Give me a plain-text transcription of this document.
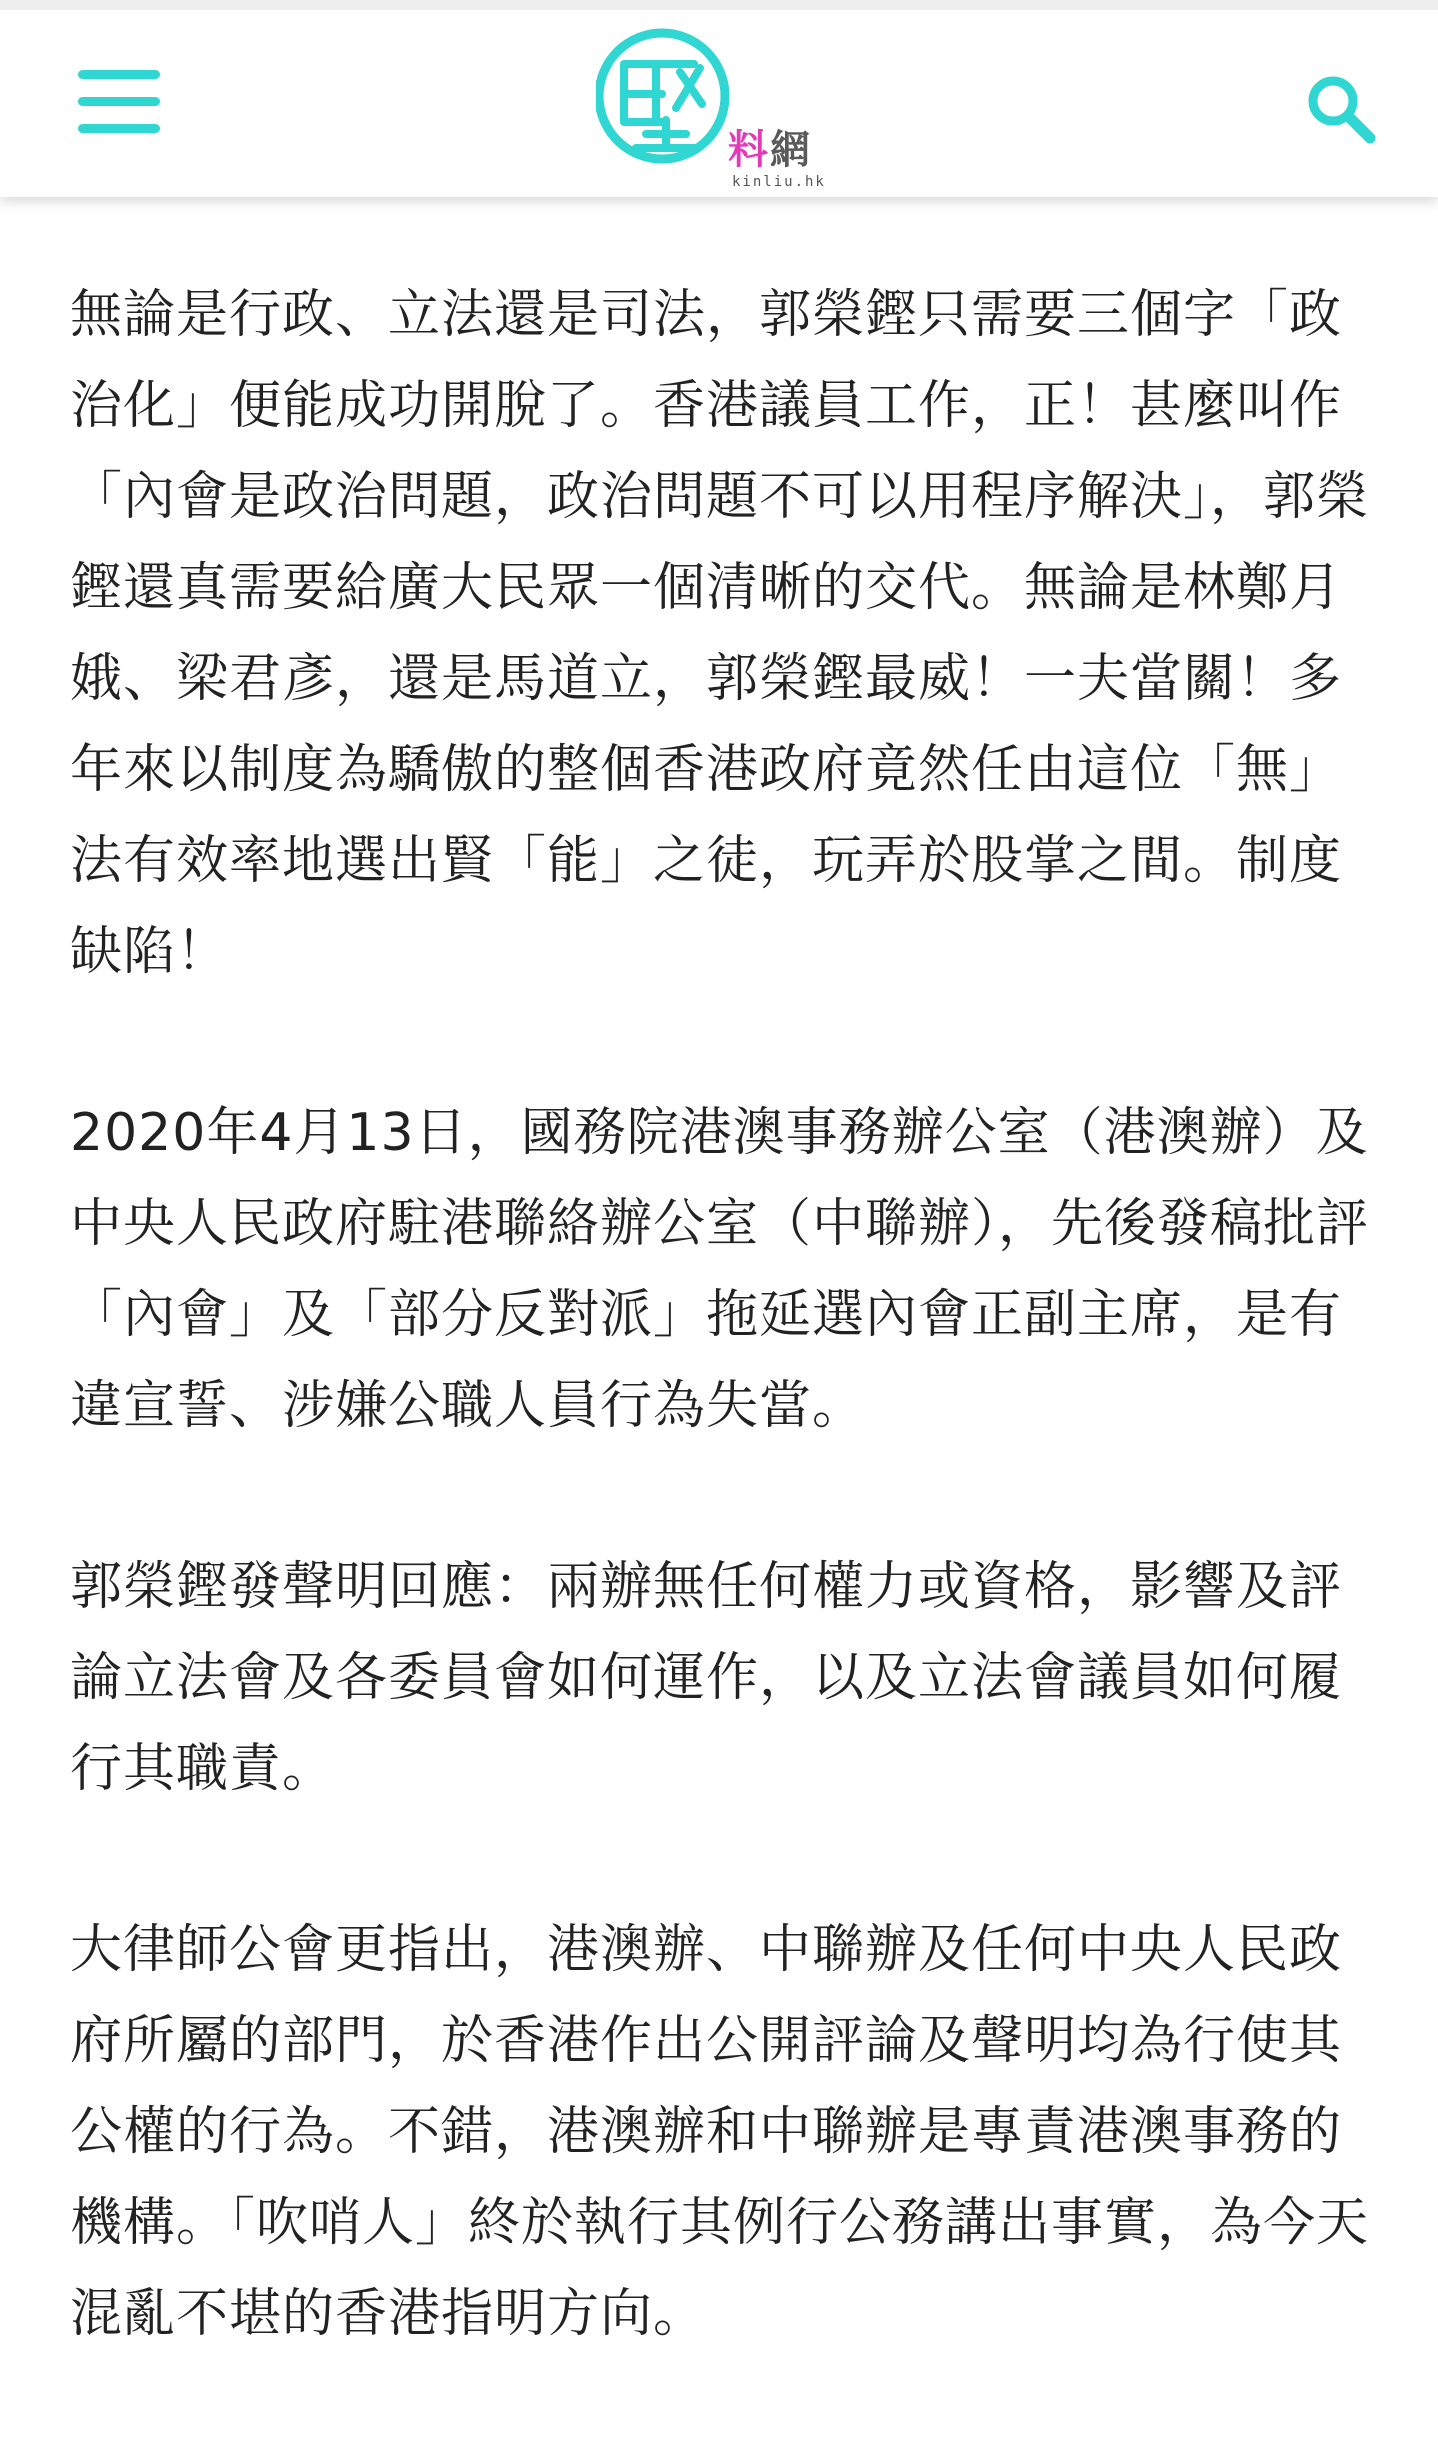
料 網
kinliu.hk

無論是行政、立法還是司法，郭榮鏗只需要三個字「政治化」便能成功開脫了。香港議員工作，正！甚麼叫作「內會是政治問題，政治問題不可以用程序解決」，郭榮鏗還真需要給廣大民眾一個清晰的交代。無論是林鄭月娥、梁君彥，還是馬道立，郭榮鏗最威！一夫當關！多年來以制度為驕傲的整個香港政府竟然任由這位「無」法有效率地選出賢「能」之徒，玩弄於股掌之間。制度缺陷！

2020年4月13日，國務院港澳事務辦公室（港澳辦）及中央人民政府駐港聯絡辦公室（中聯辦），先後發稿批評「內會」及「部分反對派」拖延選內會正副主席，是有違宣誓、涉嫌公職人員行為失當。

郭榮鏗發聲明回應：兩辦無任何權力或資格，影響及評論立法會及各委員會如何運作，以及立法會議員如何履行其職責。

大律師公會更指出，港澳辦、中聯辦及任何中央人民政府所屬的部門，於香港作出公開評論及聲明均為行使其公權的行為。不錯，港澳辦和中聯辦是專責港澳事務的機構。「吹哨人」終於執行其例行公務講出事實，為今天混亂不堪的香港指明方向。
